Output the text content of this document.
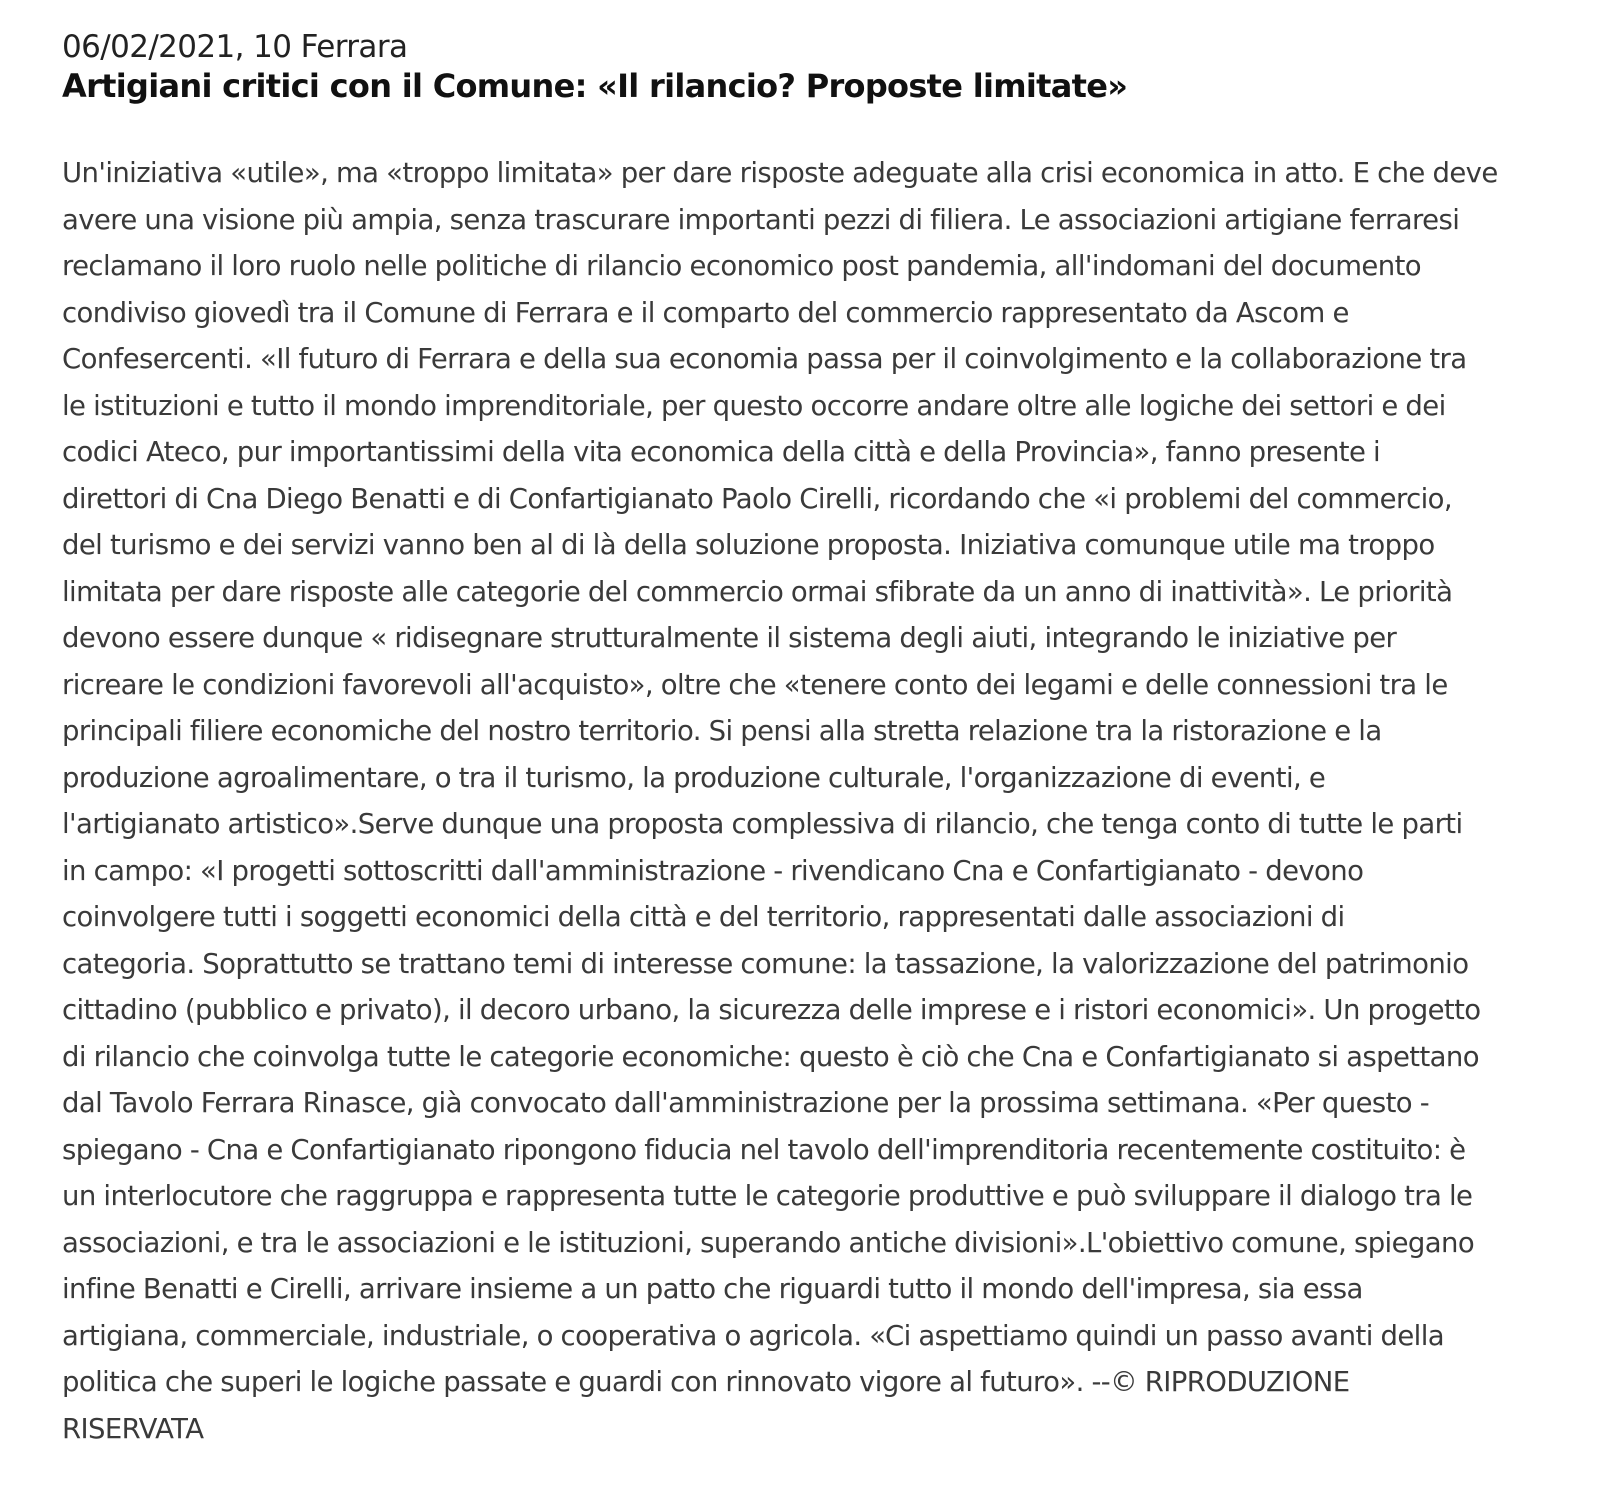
06/02/2021, 10 Ferrara
Artigiani critici con il Comune: «Il rilancio? Proposte limitate»
Un'iniziativa «utile», ma «troppo limitata» per dare risposte adeguate alla crisi economica in atto. E che deve
avere una visione più ampia, senza trascurare importanti pezzi di filiera. Le associazioni artigiane ferraresi
reclamano il loro ruolo nelle politiche di rilancio economico post pandemia, all'indomani del documento
condiviso giovedì tra il Comune di Ferrara e il comparto del commercio rappresentato da Ascom e
Confesercenti. «Il futuro di Ferrara e della sua economia passa per il coinvolgimento e la collaborazione tra
le istituzioni e tutto il mondo imprenditoriale, per questo occorre andare oltre alle logiche dei settori e dei
codici Ateco, pur importantissimi della vita economica della città e della Provincia», fanno presente i
direttori di Cna Diego Benatti e di Confartigianato Paolo Cirelli, ricordando che «i problemi del commercio,
del turismo e dei servizi vanno ben al di là della soluzione proposta. Iniziativa comunque utile ma troppo
limitata per dare risposte alle categorie del commercio ormai sfibrate da un anno di inattività». Le priorità
devono essere dunque « ridisegnare strutturalmente il sistema degli aiuti, integrando le iniziative per
ricreare le condizioni favorevoli all'acquisto», oltre che «tenere conto dei legami e delle connessioni tra le
principali filiere economiche del nostro territorio. Si pensi alla stretta relazione tra la ristorazione e la
produzione agroalimentare, o tra il turismo, la produzione culturale, l'organizzazione di eventi, e
l'artigianato artistico».Serve dunque una proposta complessiva di rilancio, che tenga conto di tutte le parti
in campo: «I progetti sottoscritti dall'amministrazione - rivendicano Cna e Confartigianato - devono
coinvolgere tutti i soggetti economici della città e del territorio, rappresentati dalle associazioni di
categoria. Soprattutto se trattano temi di interesse comune: la tassazione, la valorizzazione del patrimonio
cittadino (pubblico e privato), il decoro urbano, la sicurezza delle imprese e i ristori economici». Un progetto
di rilancio che coinvolga tutte le categorie economiche: questo è ciò che Cna e Confartigianato si aspettano
dal Tavolo Ferrara Rinasce, già convocato dall'amministrazione per la prossima settimana. «Per questo -
spiegano - Cna e Confartigianato ripongono fiducia nel tavolo dell'imprenditoria recentemente costituito: è
un interlocutore che raggruppa e rappresenta tutte le categorie produttive e può sviluppare il dialogo tra le
associazioni, e tra le associazioni e le istituzioni, superando antiche divisioni».L'obiettivo comune, spiegano
infine Benatti e Cirelli, arrivare insieme a un patto che riguardi tutto il mondo dell'impresa, sia essa
artigiana, commerciale, industriale, o cooperativa o agricola. «Ci aspettiamo quindi un passo avanti della
politica che superi le logiche passate e guardi con rinnovato vigore al futuro». --© RIPRODUZIONE
RISERVATA
